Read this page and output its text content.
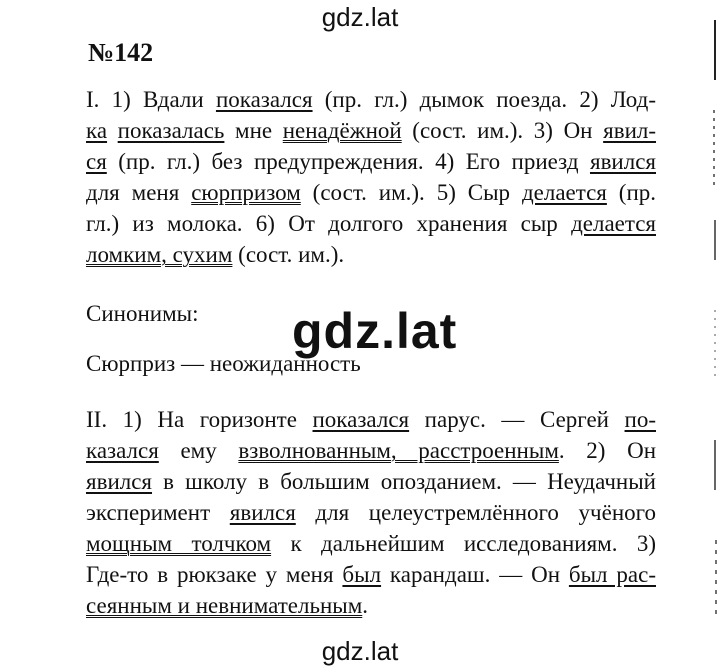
gdz.lat
№142
I. 1) Вдали показался (пр. гл.) дымок поезда. 2) Лод-
ка показалась мне ненадёжной (сост. им.). 3) Он явил-
ся (пр. гл.) без предупреждения. 4) Его приезд явился
для меня сюрпризом (сост. им.). 5) Сыр делается (пр.
гл.) из молока. 6) От долгого хранения сыр делается
ломким, сухим (сост. им.).
Синонимы:	gdz.lat
Сюрприз — неожиданность
II. 1) На горизонте показался парус. — Сергей по-
казался ему взволнованным, расстроенным. 2) Он
явился в школу в большим опозданием. — Неудачный
эксперимент явился для целеустремлённого учёного
мощным толчком к дальнейшим исследованиям. 3)
Где-то в рюкзаке у меня был карандаш. — Он был рас-
сеянным и невнимательным.
gdz.lat
